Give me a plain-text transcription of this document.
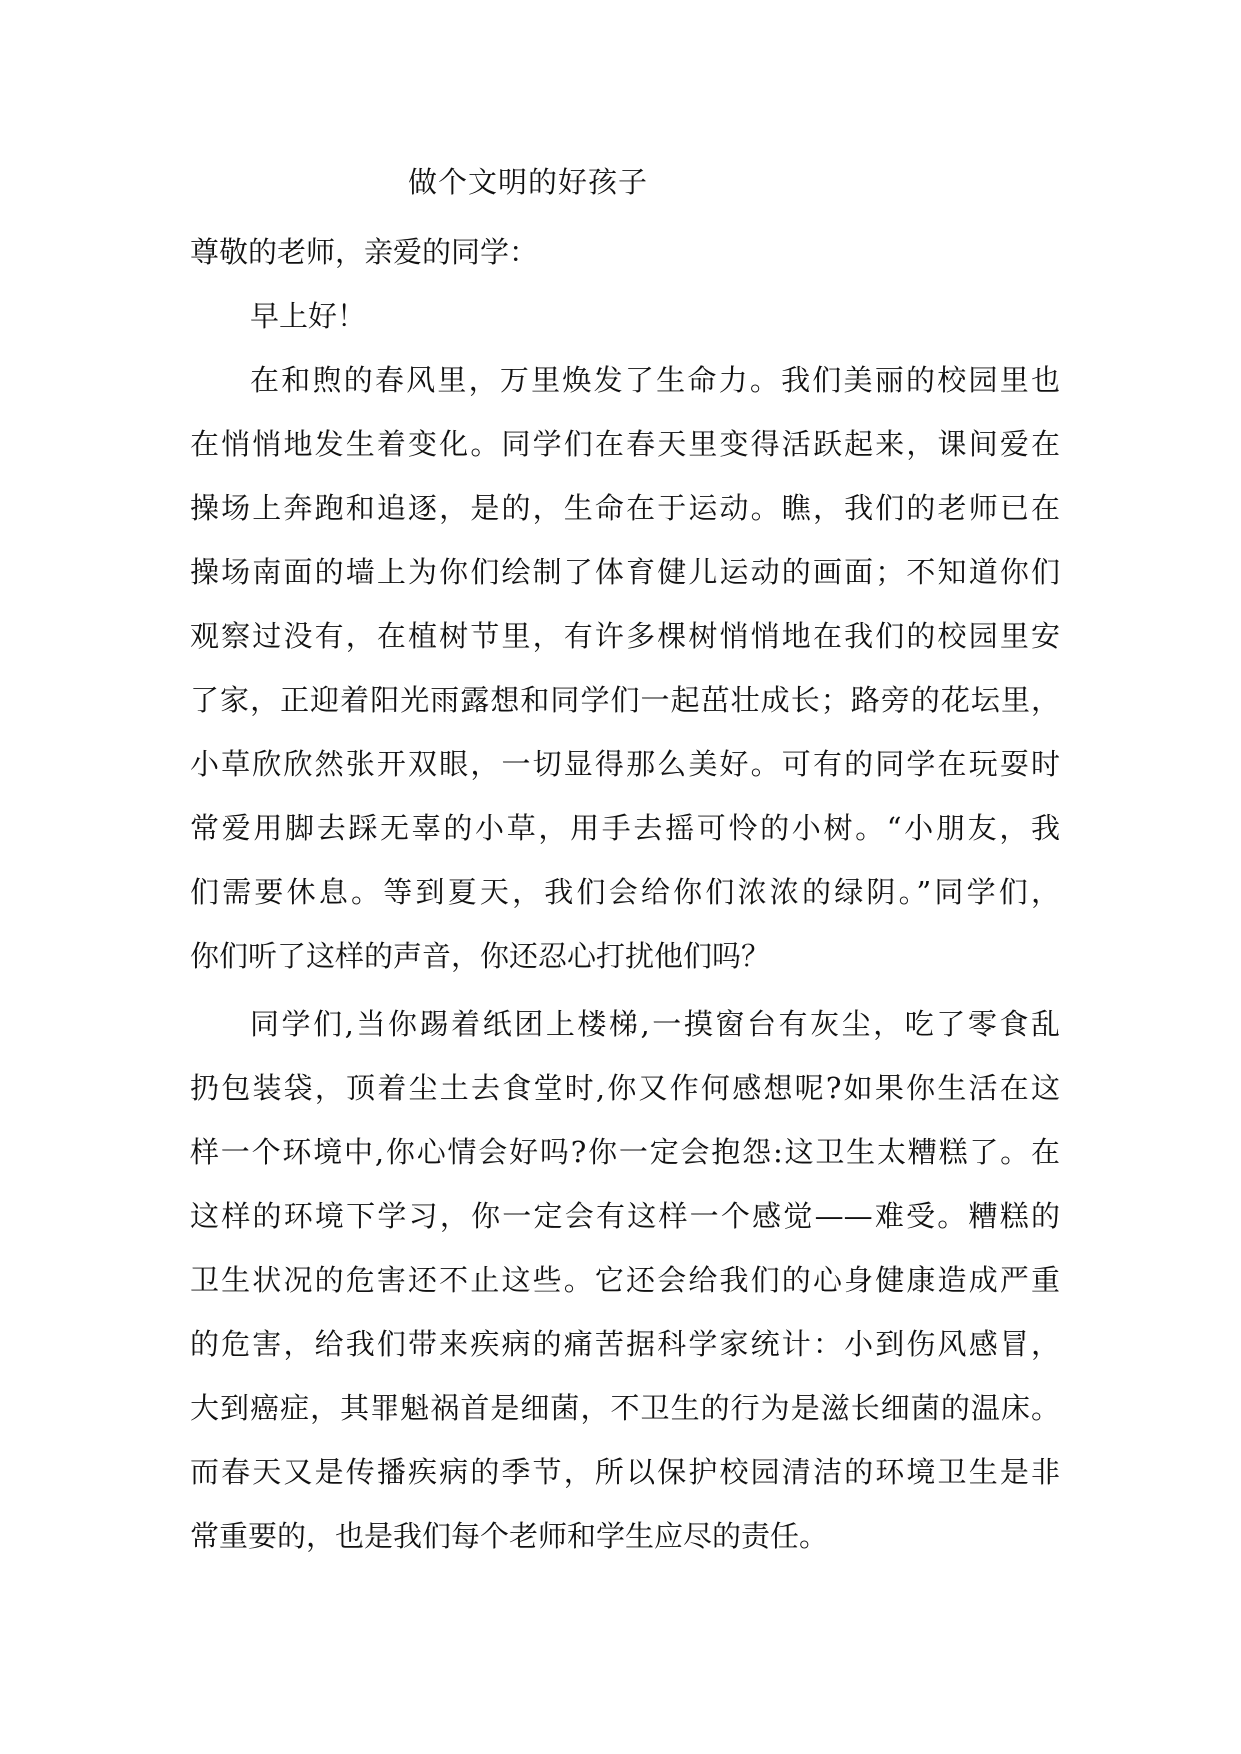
做个文明的好孩子
尊敬的老师，亲爱的同学：
早上好！
在和煦的春风里，万里焕发了生命力。我们美丽的校园里也
在悄悄地发生着变化。同学们在春天里变得活跃起来，课间爱在
操场上奔跑和追逐，是的，生命在于运动。瞧，我们的老师已在
操场南面的墙上为你们绘制了体育健儿运动的画面；不知道你们
观察过没有，在植树节里，有许多棵树悄悄地在我们的校园里安
了家，正迎着阳光雨露想和同学们一起茁壮成长；路旁的花坛里，
小草欣欣然张开双眼，一切显得那么美好。可有的同学在玩耍时
常爱用脚去踩无辜的小草，用手去摇可怜的小树。“小朋友，我
们需要休息。等到夏天，我们会给你们浓浓的绿阴。”同学们，
你们听了这样的声音，你还忍心打扰他们吗？
同学们,当你踢着纸团上楼梯,一摸窗台有灰尘，吃了零食乱
扔包装袋，顶着尘土去食堂时,你又作何感想呢?如果你生活在这
样一个环境中,你心情会好吗?你一定会抱怨:这卫生太糟糕了。在
这样的环境下学习，你一定会有这样一个感觉——难受。糟糕的
卫生状况的危害还不止这些。它还会给我们的心身健康造成严重
的危害，给我们带来疾病的痛苦据科学家统计：小到伤风感冒，
大到癌症，其罪魁祸首是细菌，不卫生的行为是滋长细菌的温床。
而春天又是传播疾病的季节，所以保护校园清洁的环境卫生是非
常重要的，也是我们每个老师和学生应尽的责任。
